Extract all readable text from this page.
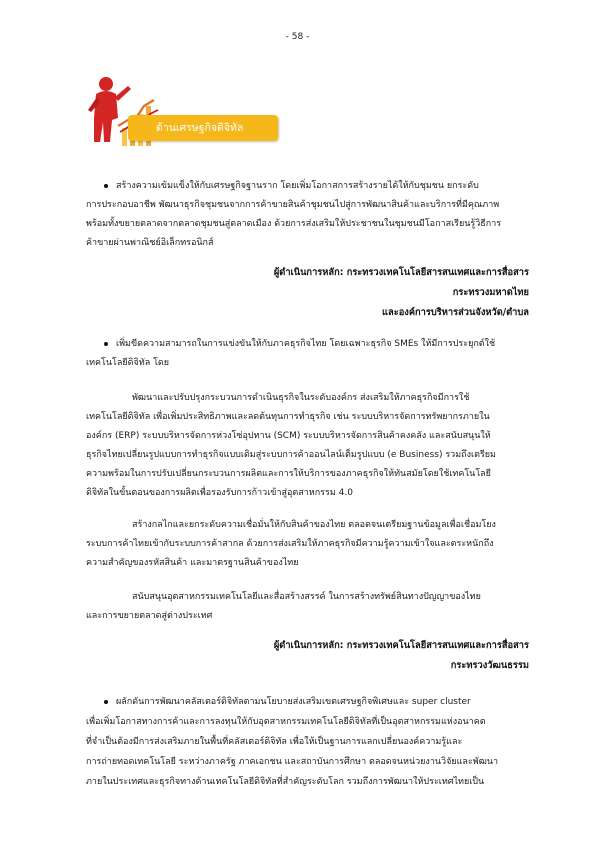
- 58 -
ด้านเศรษฐกิจดิจิทัล
สร้างความเข้มแข็งให้กับเศรษฐกิจฐานราก โดยเพิ่มโอกาสการสร้างรายได้ให้กับชุมชน ยกระดับ
การประกอบอาชีพ พัฒนาธุรกิจชุมชนจากการค้าขายสินค้าชุมชนไปสู่การพัฒนาสินค้าและบริการที่มีคุณภาพ
พร้อมทั้งขยายตลาดจากตลาดชุมชนสู่ตลาดเมือง ด้วยการส่งเสริมให้ประชาชนในชุมชนมีโอกาสเรียนรู้วิธีการ
ค้าขายผ่านพาณิชย์อิเล็กทรอนิกส์
ผู้ดำเนินการหลัก: กระทรวงเทคโนโลยีสารสนเทศและการสื่อสาร
กระทรวงมหาดไทย
และองค์การบริหารส่วนจังหวัด/ตำบล
เพิ่มขีดความสามารถในการแข่งขันให้กับภาคธุรกิจไทย โดยเฉพาะธุรกิจ SMEs ให้มีการประยุกต์ใช้
เทคโนโลยีดิจิทัล โดย
พัฒนาและปรับปรุงกระบวนการดำเนินธุรกิจในระดับองค์กร ส่งเสริมให้ภาคธุรกิจมีการใช้
เทคโนโลยีดิจิทัล เพื่อเพิ่มประสิทธิภาพและลดต้นทุนการทำธุรกิจ เช่น ระบบบริหารจัดการทรัพยากรภายใน
องค์กร (ERP) ระบบบริหารจัดการห่วงโซ่อุปทาน (SCM) ระบบบริหารจัดการสินค้าคงคลัง และสนับสนุนให้
ธุรกิจไทยเปลี่ยนรูปแบบการทำธุรกิจแบบเดิมสู่ระบบการค้าออนไลน์เต็มรูปแบบ (e Business) รวมถึงเตรียม
ความพร้อมในการปรับเปลี่ยนกระบวนการผลิตและการให้บริการของภาคธุรกิจให้ทันสมัยโดยใช้เทคโนโลยี
ดิจิทัลในขั้นตอนของการผลิตเพื่อรองรับการก้าวเข้าสู่อุตสาหกรรม 4.0
สร้างกลไกและยกระดับความเชื่อมั่นให้กับสินค้าของไทย ตลอดจนเตรียมฐานข้อมูลเพื่อเชื่อมโยง
ระบบการค้าไทยเข้ากับระบบการค้าสากล ด้วยการส่งเสริมให้ภาคธุรกิจมีความรู้ความเข้าใจและตระหนักถึง
ความสำคัญของรหัสสินค้า และมาตรฐานสินค้าของไทย
สนับสนุนอุตสาหกรรมเทคโนโลยีและสื่อสร้างสรรค์ ในการสร้างทรัพย์สินทางปัญญาของไทย
และการขยายตลาดสู่ต่างประเทศ
ผู้ดำเนินการหลัก: กระทรวงเทคโนโลยีสารสนเทศและการสื่อสาร
กระทรวงวัฒนธรรม
ผลักดันการพัฒนาคลัสเตอร์ดิจิทัลตามนโยบายส่งเสริมเขตเศรษฐกิจพิเศษและ super cluster
เพื่อเพิ่มโอกาสทางการค้าและการลงทุนให้กับอุตสาหกรรมเทคโนโลยีดิจิทัลที่เป็นอุตสาหกรรมแห่งอนาคต
ที่จำเป็นต้องมีการส่งเสริมภายในพื้นที่คลัสเตอร์ดิจิทัล เพื่อให้เป็นฐานการแลกเปลี่ยนองค์ความรู้และ
การถ่ายทอดเทคโนโลยี ระหว่างภาครัฐ ภาคเอกชน และสถาบันการศึกษา ตลอดจนหน่วยงานวิจัยและพัฒนา
ภายในประเทศและธุรกิจทางด้านเทคโนโลยีดิจิทัลที่สำคัญระดับโลก รวมถึงการพัฒนาให้ประเทศไทยเป็น
